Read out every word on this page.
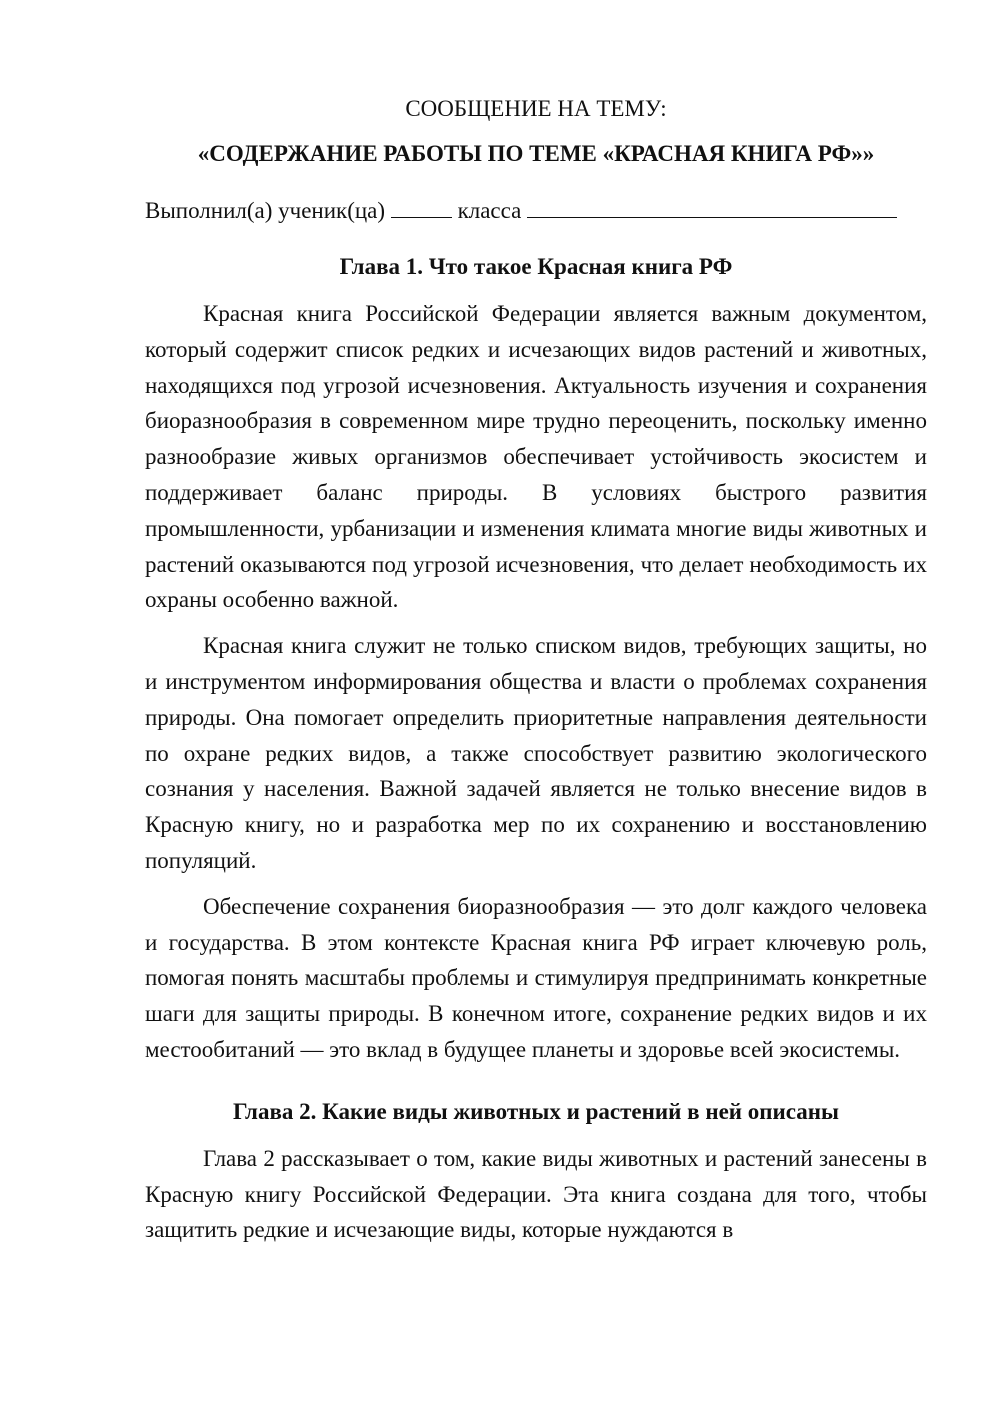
СООБЩЕНИЕ НА ТЕМУ:

«СОДЕРЖАНИЕ РАБОТЫ ПО ТЕМЕ «КРАСНАЯ КНИГА РФ»»

Выполнил(а) ученик(ца)	класса

Глава 1. Что такое Красная книга РФ

Красная книга Российской Федерации является важным документом, который содержит список редких и исчезающих видов растений и животных, находящихся под угрозой исчезновения. Актуальность изучения и сохранения биоразнообразия в современном мире трудно переоценить, поскольку именно разнообразие живых организмов обеспечивает устойчивость экосистем и поддерживает баланс природы. В условиях быстрого развития промышленности, урбанизации и изменения климата многие виды животных и растений оказываются под угрозой исчезновения, что делает необходимость их охраны особенно важной.

Красная книга служит не только списком видов, требующих защиты, но и инструментом информирования общества и власти о проблемах сохранения природы. Она помогает определить приоритетные направления деятельности по охране редких видов, а также способствует развитию экологического сознания у населения. Важной задачей является не только внесение видов в Красную книгу, но и разработка мер по их сохранению и восстановлению популяций.

Обеспечение сохранения биоразнообразия — это долг каждого человека и государства. В этом контексте Красная книга РФ играет ключевую роль, помогая понять масштабы проблемы и стимулируя предпринимать конкретные шаги для защиты природы. В конечном итоге, сохранение редких видов и их местообитаний — это вклад в будущее планеты и здоровье всей экосистемы.

Глава 2. Какие виды животных и растений в ней описаны

Глава 2 рассказывает о том, какие виды животных и растений занесены в Красную книгу Российской Федерации. Эта книга создана для того, чтобы защитить редкие и исчезающие виды, которые нуждаются в
